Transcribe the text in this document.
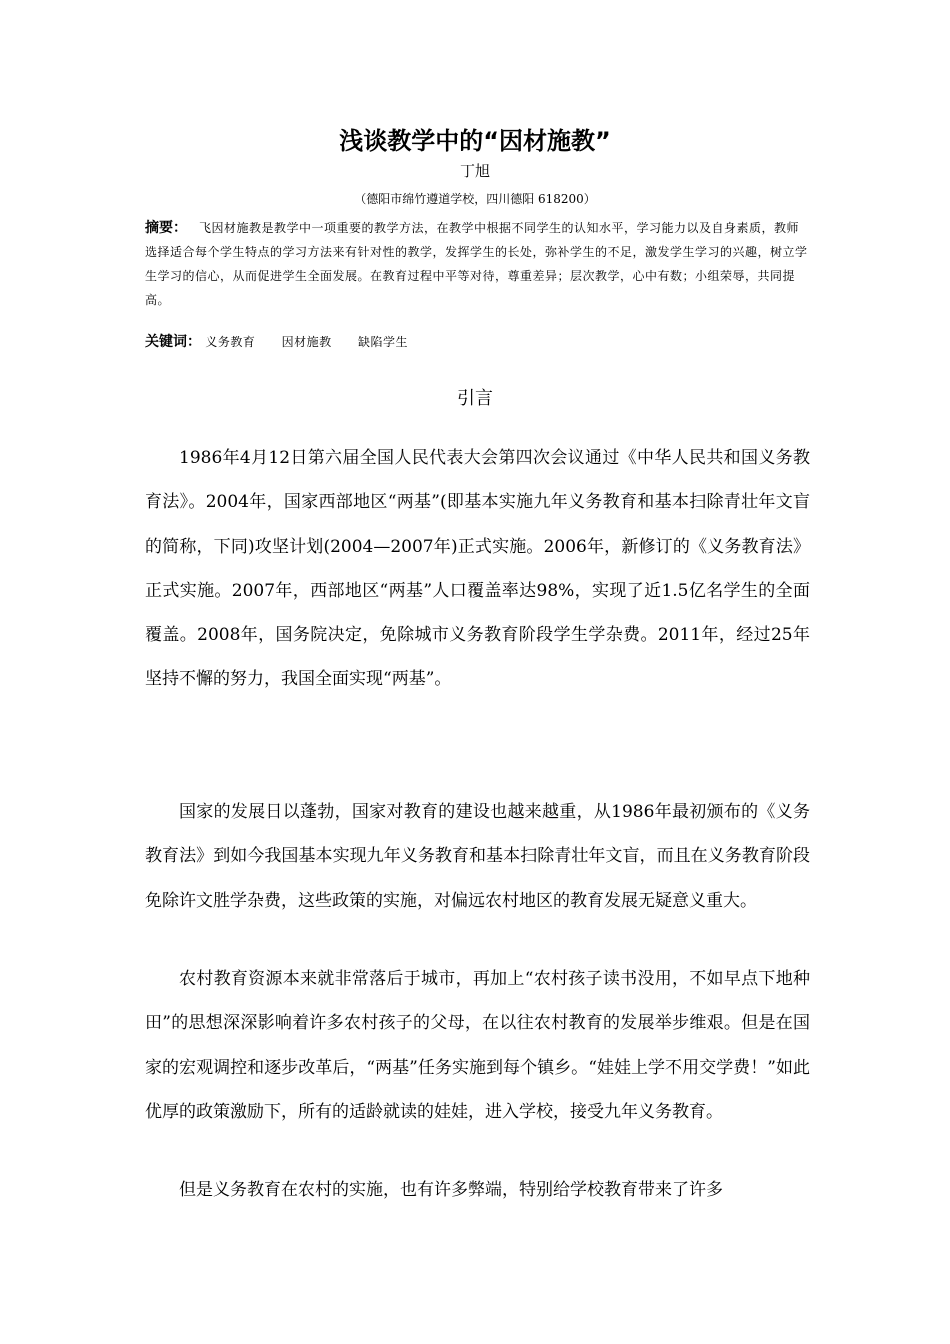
浅谈教学中的“因材施教”
丁旭
（德阳市绵竹遵道学校，四川德阳 618200）
摘要： 飞因材施教是教学中一项重要的教学方法，在教学中根据不同学生的认知水平，学习能力以及自身素质，教师选择适合每个学生特点的学习方法来有针对性的教学，发挥学生的长处，弥补学生的不足，激发学生学习的兴趣，树立学生学习的信心，从而促进学生全面发展。在教育过程中平等对待，尊重差异；层次教学，心中有数；小组荣辱，共同提高。
关键词： 义务教育 因材施教 缺陷学生
引言

1986年4月12日第六届全国人民代表大会第四次会议通过《中华人民共和国义务教育法》。2004年，国家西部地区“两基”(即基本实施九年义务教育和基本扫除青壮年文盲的简称，下同)攻坚计划(2004—2007年)正式实施。2006年，新修订的《义务教育法》正式实施。2007年，西部地区“两基”人口覆盖率达98%，实现了近1.5亿名学生的全面覆盖。2008年，国务院决定，免除城市义务教育阶段学生学杂费。2011年，经过25年坚持不懈的努力，我国全面实现“两基”。

国家的发展日以蓬勃，国家对教育的建设也越来越重，从1986年最初颁布的《义务教育法》到如今我国基本实现九年义务教育和基本扫除青壮年文盲，而且在义务教育阶段免除许文胜学杂费，这些政策的实施，对偏远农村地区的教育发展无疑意义重大。

农村教育资源本来就非常落后于城市，再加上“农村孩子读书没用，不如早点下地种田”的思想深深影响着许多农村孩子的父母，在以往农村教育的发展举步维艰。但是在国家的宏观调控和逐步改革后，“两基”任务实施到每个镇乡。“娃娃上学不用交学费！”如此优厚的政策激励下，所有的适龄就读的娃娃，进入学校，接受九年义务教育。

但是义务教育在农村的实施，也有许多弊端，特别给学校教育带来了许多
